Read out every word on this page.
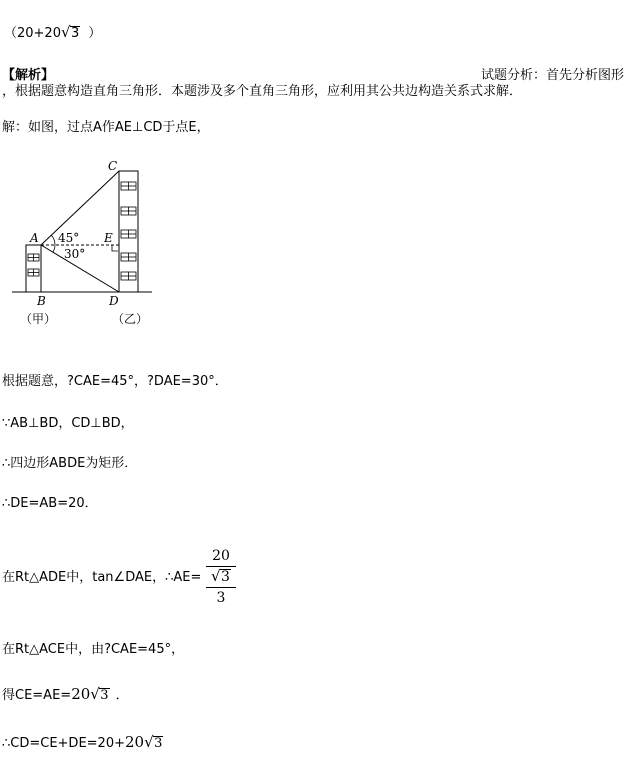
（20+20 √ 3 ）
【解析】	试题分析：首先分析图形
，根据题意构造直角三角形．本题涉及多个直角三角形，应利用其公共边构造关系式求解．
解：如图，过点A作AE⊥CD于点E，
C
A	E
B	D
45°
30°
（甲）	（乙）
根据题意，?CAE=45°，?DAE=30°．
∵AB⊥BD，CD⊥BD，
∴四边形ABDE为矩形．
∴DE=AB=20．
在Rt△ADE中，tan∠DAE，∴AE=
20
√ 3
3
在Rt△ACE中，由?CAE=45°，
得CE=AE=20 √ 3 ．
∴CD=CE+DE=20+20 √ 3
